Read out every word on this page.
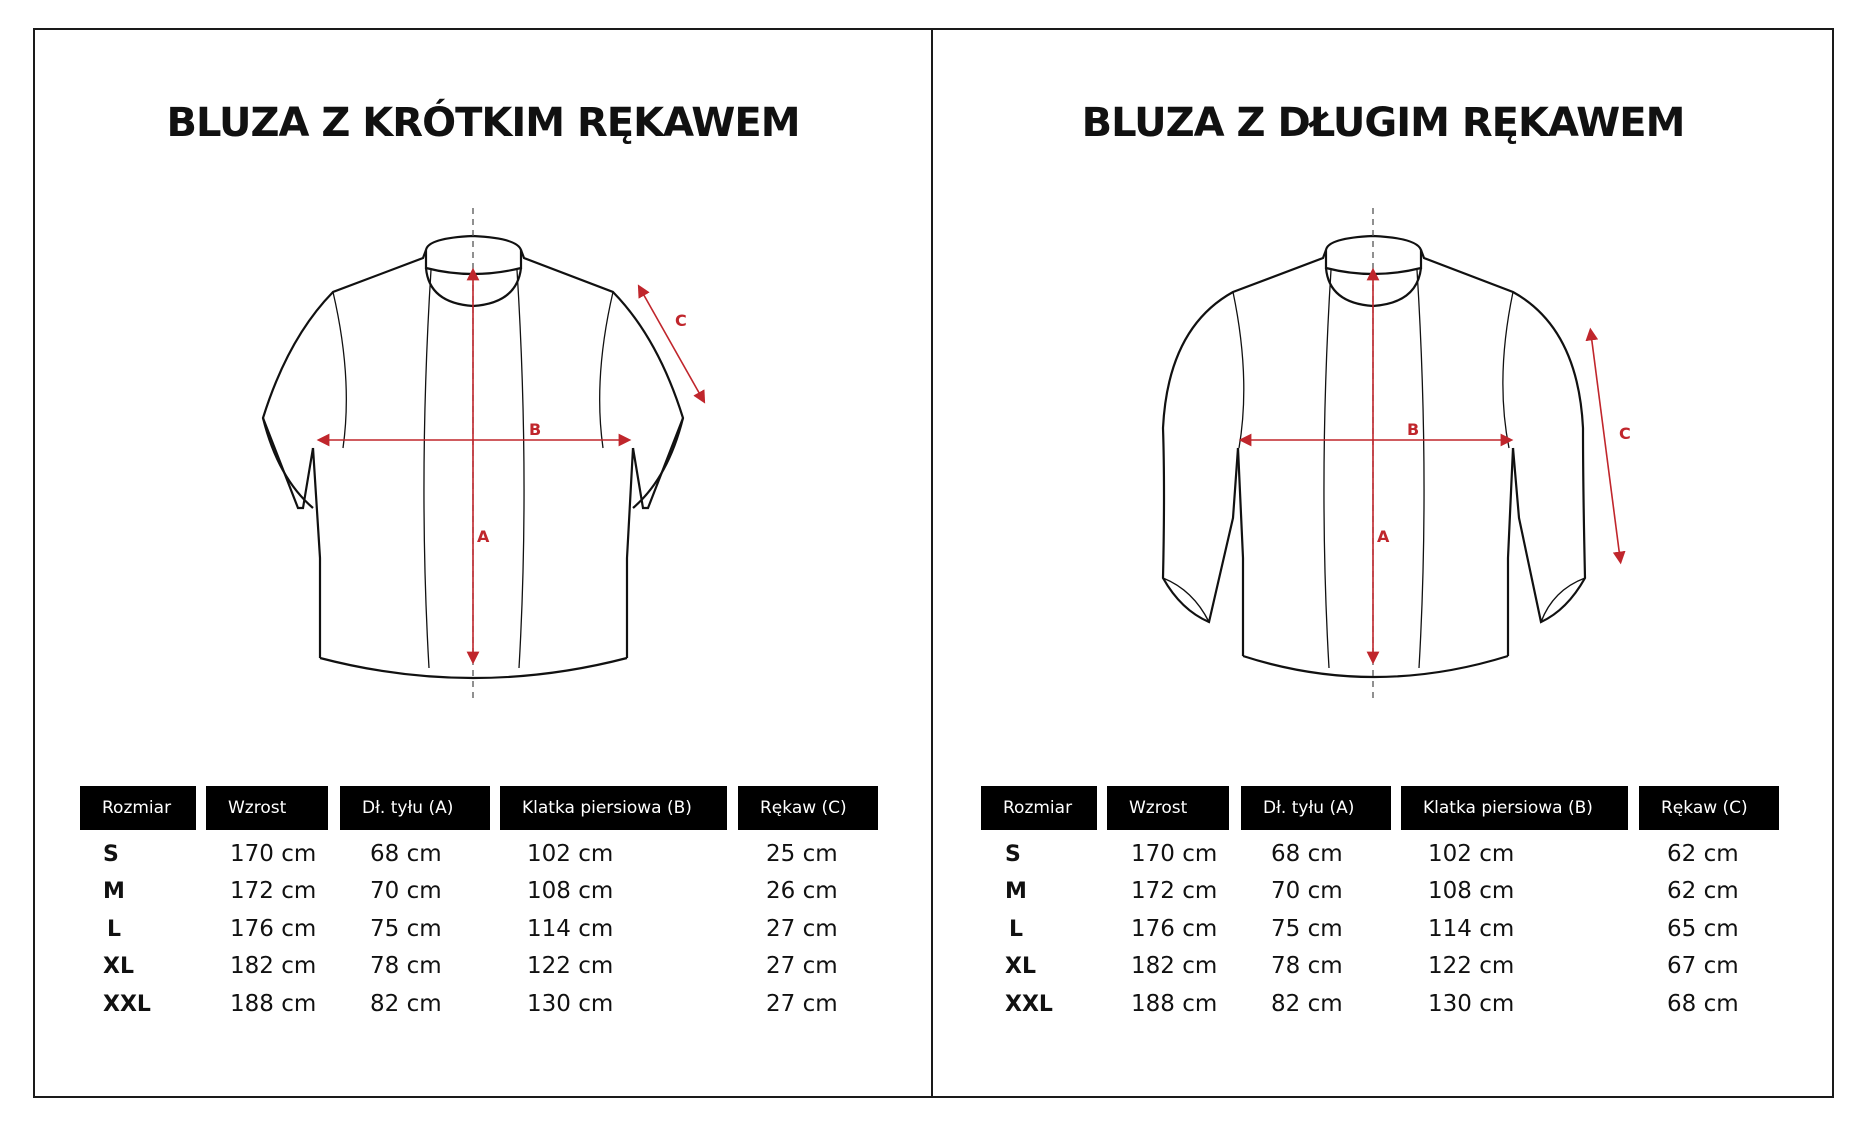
BLUZA Z KRÓTKIM RĘKAWEM
A
B
C
Rozmiar	Wzrost	Dł. tyłu (A)	Klatka piersiowa (B)	Rękaw (C)
S	170 cm 68 cm	102 cm	25 cm
M	172 cm 70 cm	108 cm	26 cm
L	176 cm 75 cm	114 cm	27 cm
XL	182 cm 78 cm	122 cm	27 cm
XXL	188 cm 82 cm	130 cm	27 cm
BLUZA Z DŁUGIM RĘKAWEM
A
B	C
Rozmiar	Wzrost	Dł. tyłu (A)	Klatka piersiowa (B)	Rękaw (C)
S	170 cm 68 cm	102 cm	62 cm
M	172 cm 70 cm	108 cm	62 cm
L	176 cm 75 cm	114 cm	65 cm
XL	182 cm 78 cm	122 cm	67 cm
XXL	188 cm 82 cm	130 cm	68 cm
